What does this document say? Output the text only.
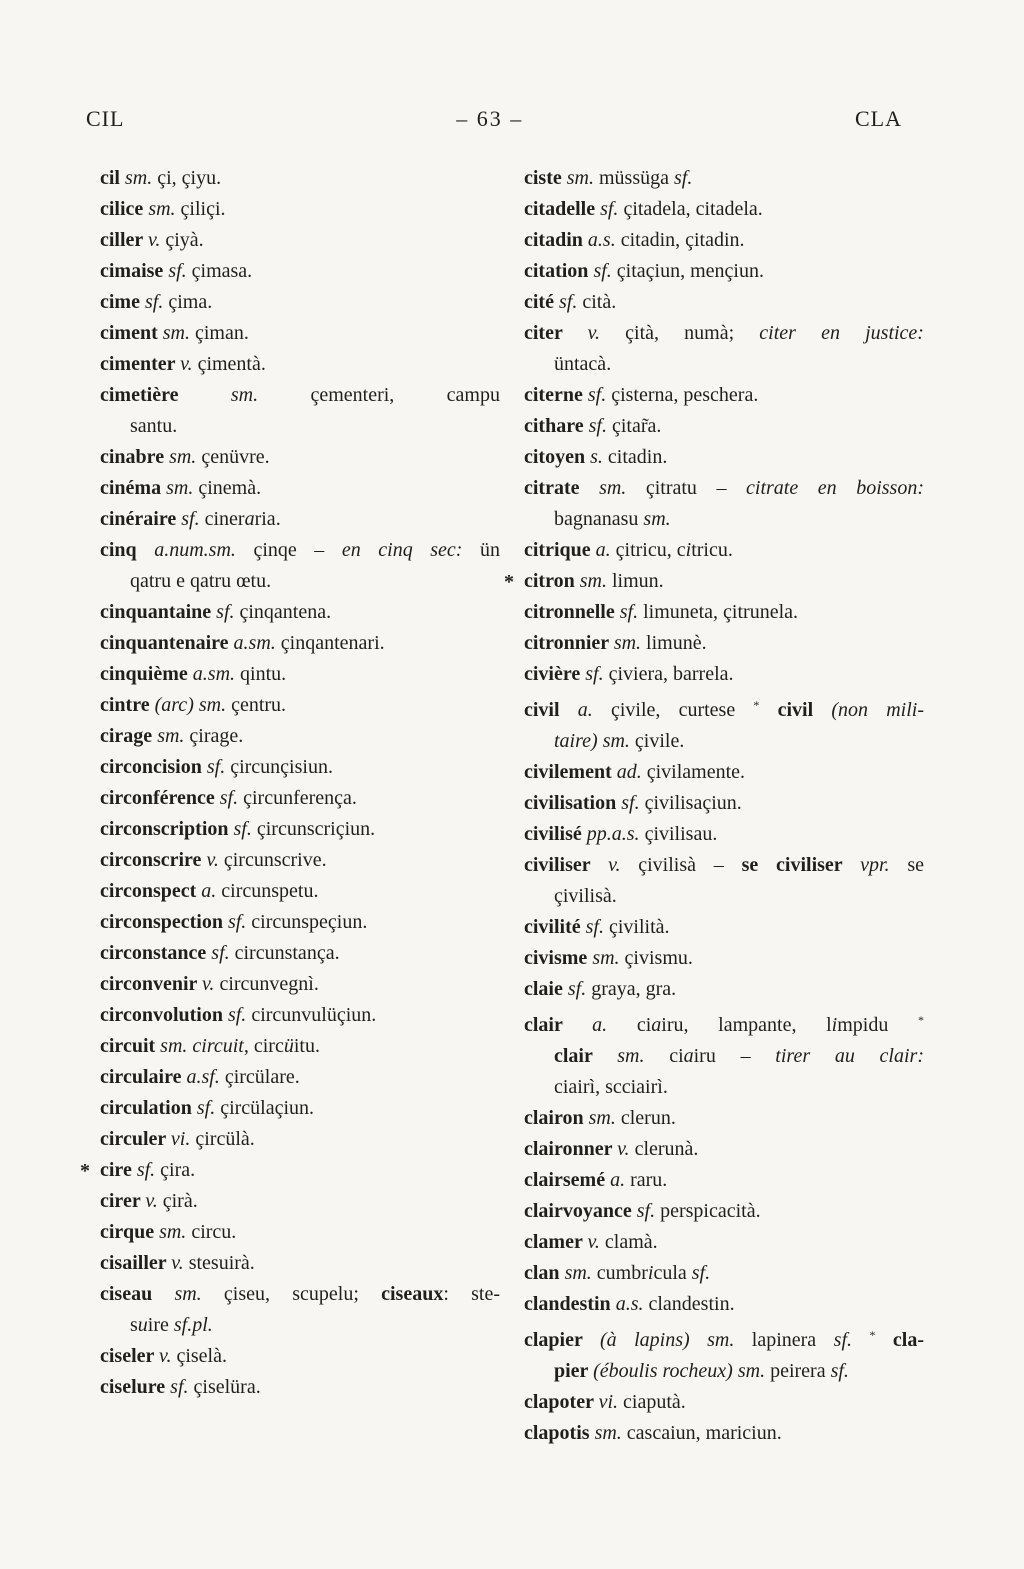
CIL	– 63 –	CLA
cil sm. çi, çiyu.
cilice sm. çiliçi.
ciller v. çiyà.
cimaise sf. çimasa.
cime sf. çima.
ciment sm. çiman.
cimenter v. çimentà.
cimetière sm. çementeri, campu
santu.
cinabre sm. çenüvre.
cinéma sm. çinemà.
cinéraire sf. cineraria.
cinq a.num.sm. çinqe – en cinq sec: ün
qatru e qatru œtu.
cinquantaine sf. çinqantena.
cinquantenaire a.sm. çinqantenari.
cinquième a.sm. qintu.
cintre (arc) sm. çentru.
cirage sm. çirage.
circoncision sf. çircunçisiun.
circonférence sf. çircunferença.
circonscription sf. çircunscriçiun.
circonscrire v. çircunscrive.
circonspect a. circunspetu.
circonspection sf. circunspeçiun.
circonstance sf. circunstança.
circonvenir v. circunvegnì.
circonvolution sf. circunvulüçiun.
circuit sm. circuit, circüitu.
circulaire a.sf. çircülare.
circulation sf. çircülaçiun.
circuler vi. çircülà.
* cire sf. çira.
cirer v. çirà.
cirque sm. circu.
cisailler v. stesuirà.
ciseau sm. çiseu, scupelu; ciseaux: ste-
suire sf.pl.
ciseler v. çiselà.
ciselure sf. çiselüra.
ciste sm. müssüga sf.
citadelle sf. çitadela, citadela.
citadin a.s. citadin, çitadin.
citation sf. çitaçiun, mençiun.
cité sf. cità.
citer v. çità, numà; citer en justice:
üntacà.
citerne sf. çisterna, peschera.
cithare sf. çitar̃a.
citoyen s. citadin.
citrate sm. çitratu – citrate en boisson:
bagnanasu sm.
citrique a. çitricu, citricu.
* citron sm. limun.
citronnelle sf. limuneta, çitrunela.
citronnier sm. limunè.
civière sf. çiviera, barrela.
civil a. çivile, curtese * civil (non mili-
taire) sm. çivile.
civilement ad. çivilamente.
civilisation sf. çivilisaçiun.
civilisé pp.a.s. çivilisau.
civiliser v. çivilisà – se civiliser vpr. se
çivilisà.
civilité sf. çivilità.
civisme sm. çivismu.
claie sf. graya, gra.
clair a. ciairu, lampante, limpidu *
clair sm. ciairu – tirer au clair:
ciairì, scciairì.
clairon sm. clerun.
claironner v. clerunà.
clairsemé a. raru.
clairvoyance sf. perspicacità.
clamer v. clamà.
clan sm. cumbricula sf.
clandestin a.s. clandestin.
clapier (à lapins) sm. lapinera sf. * cla-
pier (éboulis rocheux) sm. peirera sf.
clapoter vi. ciaputà.
clapotis sm. cascaiun, mariciun.
